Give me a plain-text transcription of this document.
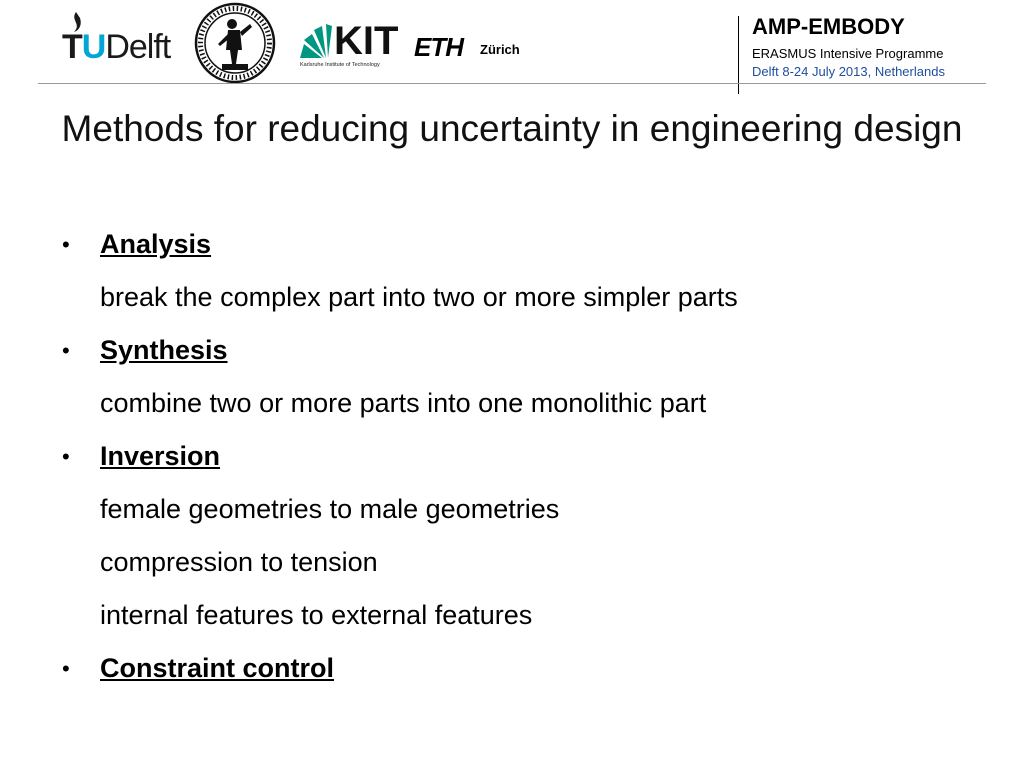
TUDelft	KIT
Karlsruhe Institute of Technology
ETH Zürich
AMP-EMBODY
ERASMUS Intensive Programme
Delft 8-24 July 2013, Netherlands
Methods for reducing uncertainty in engineering design
• Analysis
break the complex part into two or more simpler parts
• Synthesis
combine two or more parts into one monolithic part
• Inversion
female geometries to male geometries
compression to tension
internal features to external features
• Constraint control
